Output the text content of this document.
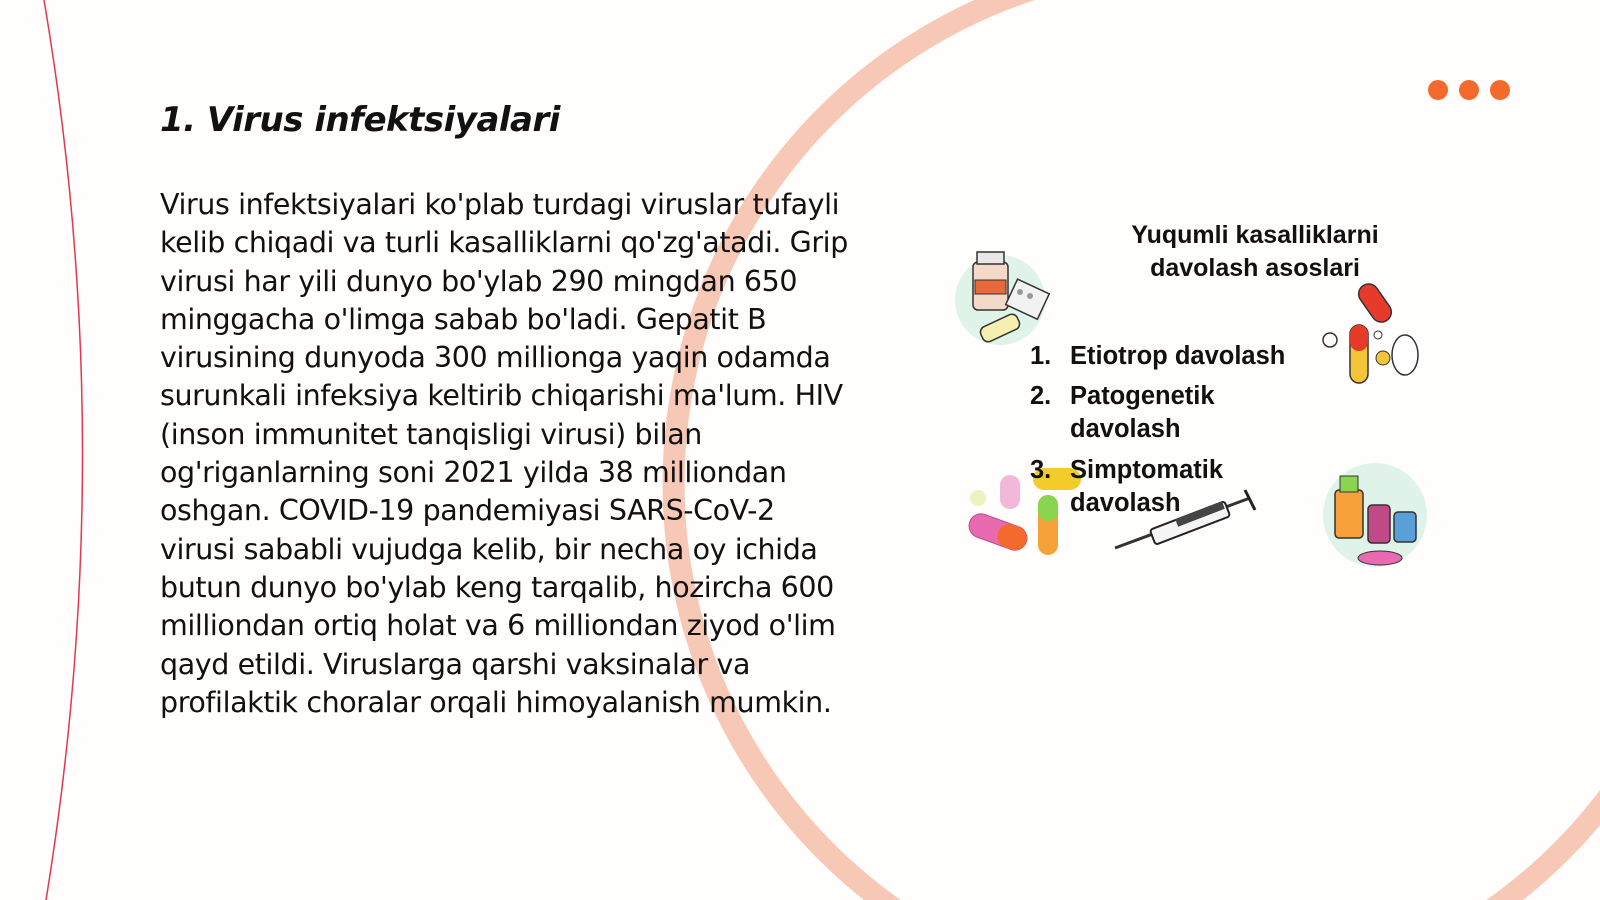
1. Virus infektsiyalari

Virus infektsiyalari ko'plab turdagi viruslar tufayli kelib chiqadi va turli kasalliklarni qo'zg'atadi. Grip virusi har yili dunyo bo'ylab 290 mingdan 650 minggacha o'limga sabab bo'ladi. Gepatit B virusining dunyoda 300 millionga yaqin odamda surunkali infeksiya keltirib chiqarishi ma'lum. HIV (inson immunitet tanqisligi virusi) bilan og'riganlarning soni 2021 yilda 38 milliondan oshgan. COVID-19 pandemiyasi SARS-CoV-2 virusi sababli vujudga kelib, bir necha oy ichida butun dunyo bo'ylab keng tarqalib, hozircha 600 milliondan ortiq holat va 6 milliondan ziyod o'lim qayd etildi. Viruslarga qarshi vaksinalar va profilaktik choralar orqali himoyalanish mumkin.

Yuqumli kasalliklarni davolash asoslari

1. Etiotrop davolash
2. Patogenetik davolash
3. Simptomatik davolash
